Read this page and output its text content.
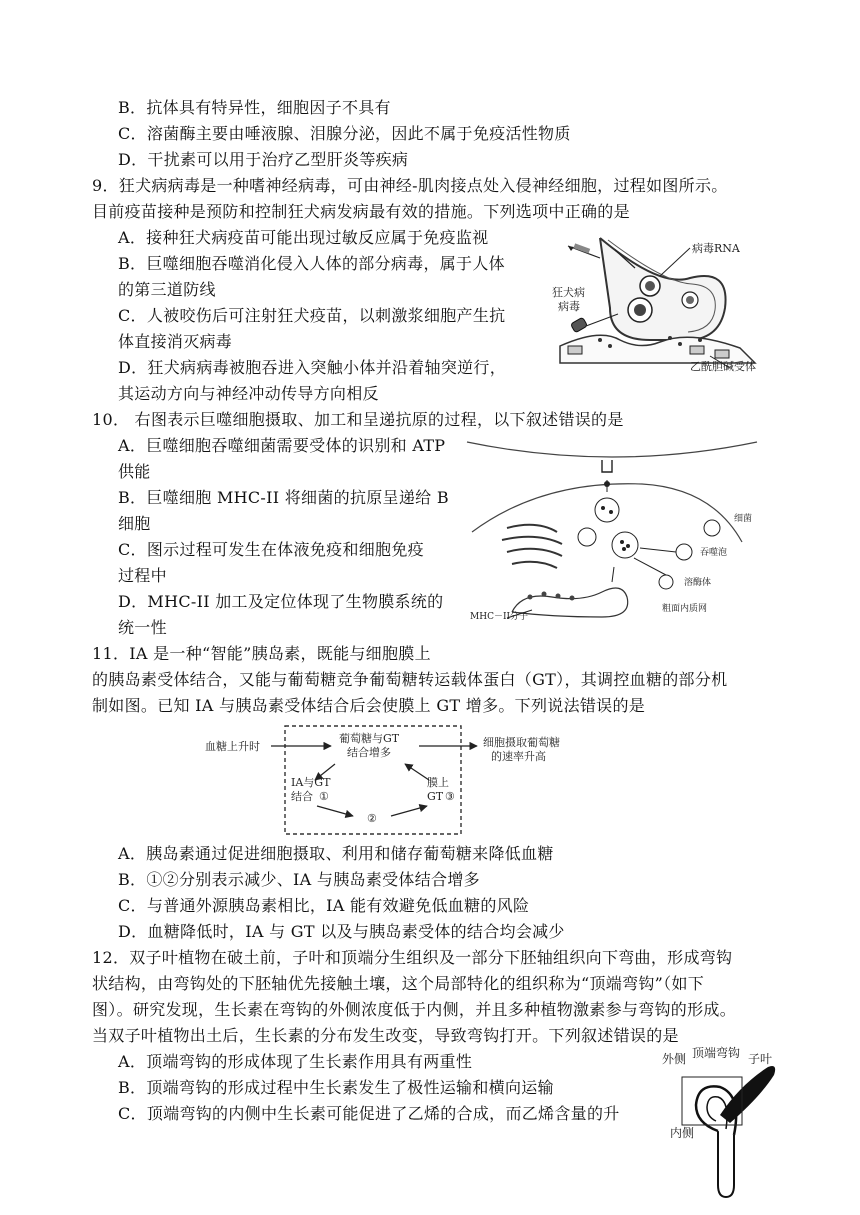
B．抗体具有特异性，细胞因子不具有
C．溶菌酶主要由唾液腺、泪腺分泌，因此不属于免疫活性物质
D．干扰素可以用于治疗乙型肝炎等疾病
9．狂犬病病毒是一种嗜神经病毒，可由神经-肌肉接点处入侵神经细胞，过程如图所示。
目前疫苗接种是预防和控制狂犬病发病最有效的措施。下列选项中正确的是
A．接种狂犬病疫苗可能出现过敏反应属于免疫监视
B．巨噬细胞吞噬消化侵入人体的部分病毒，属于人体
的第三道防线
C．人被咬伤后可注射狂犬疫苗，以刺激浆细胞产生抗
体直接消灭病毒
D．狂犬病病毒被胞吞进入突触小体并沿着轴突逆行，
其运动方向与神经冲动传导方向相反
10． 右图表示巨噬细胞摄取、加工和呈递抗原的过程，以下叙述错误的是
A．巨噬细胞吞噬细菌需要受体的识别和 ATP
供能
B．巨噬细胞 MHC-II 将细菌的抗原呈递给 B
细胞
C．图示过程可发生在体液免疫和细胞免疫
过程中
D．MHC-II 加工及定位体现了生物膜系统的
统一性
11．IA 是一种“智能”胰岛素，既能与细胞膜上
的胰岛素受体结合，又能与葡萄糖竞争葡萄糖转运载体蛋白（GT），其调控血糖的部分机
制如图。已知 IA 与胰岛素受体结合后会使膜上 GT 增多。下列说法错误的是
A．胰岛素通过促进细胞摄取、利用和储存葡萄糖来降低血糖
B．①②分别表示减少、IA 与胰岛素受体结合增多
C．与普通外源胰岛素相比，IA 能有效避免低血糖的风险
D．血糖降低时，IA 与 GT 以及与胰岛素受体的结合均会减少
12．双子叶植物在破土前，子叶和顶端分生组织及一部分下胚轴组织向下弯曲，形成弯钩
状结构，由弯钩处的下胚轴优先接触土壤，这个局部特化的组织称为“顶端弯钩”（如下
图）。研究发现，生长素在弯钩的外侧浓度低于内侧，并且多种植物激素参与弯钩的形成。
当双子叶植物出土后，生长素的分布发生改变，导致弯钩打开。下列叙述错误的是
A．顶端弯钩的形成体现了生长素作用具有两重性
B．顶端弯钩的形成过程中生长素发生了极性运输和横向运输
C．顶端弯钩的内侧中生长素可能促进了乙烯的合成，而乙烯含量的升
病毒RNA
狂犬病
病毒
乙酰胆碱受体
细菌
吞噬泡
溶酶体
粗面内质网
MHC－II分子
血糖上升时
葡萄糖与GT
结合增多
细胞摄取葡萄糖
的速率升高
IA与GT
结合 ①
膜上
GT ③
②
外侧 顶端弯钩 子叶
内侧
